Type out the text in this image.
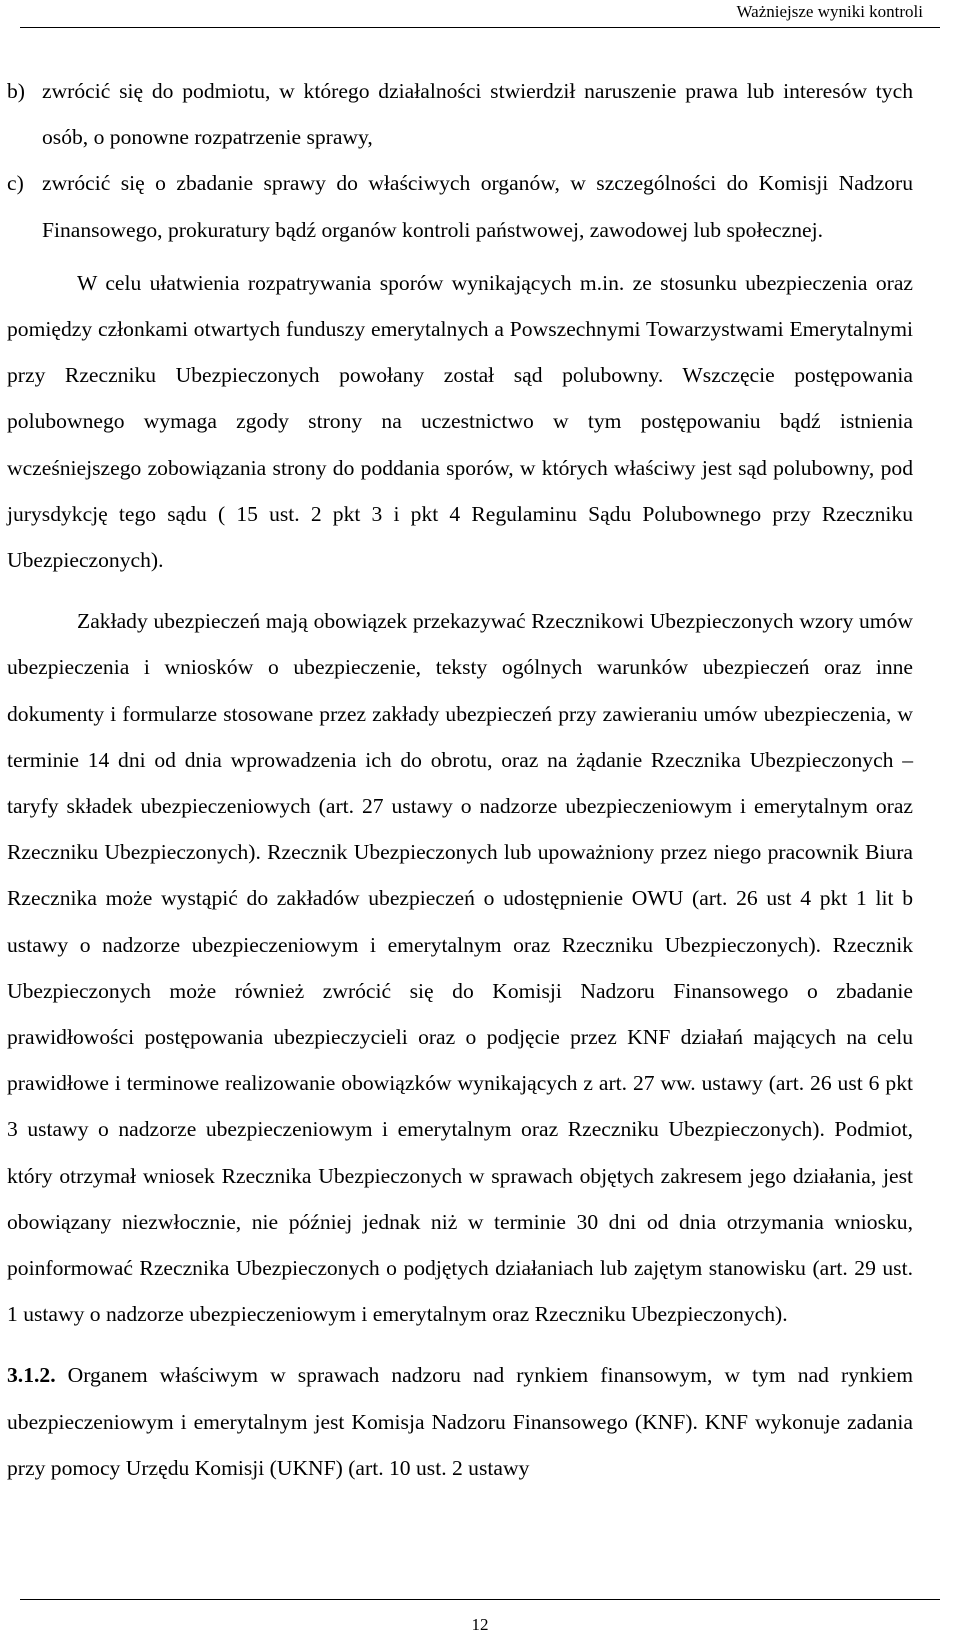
Ważniejsze wyniki kontroli
b) zwrócić się do podmiotu, w którego działalności stwierdził naruszenie prawa lub interesów tych osób, o ponowne rozpatrzenie sprawy,
c) zwrócić się o zbadanie sprawy do właściwych organów, w szczególności do Komisji Nadzoru Finansowego, prokuratury bądź organów kontroli państwowej, zawodowej lub społecznej.

W celu ułatwienia rozpatrywania sporów wynikających m.in. ze stosunku ubezpieczenia oraz pomiędzy członkami otwartych funduszy emerytalnych a Powszechnymi Towarzystwami Emerytalnymi przy Rzeczniku Ubezpieczonych powołany został sąd polubowny. Wszczęcie postępowania polubownego wymaga zgody strony na uczestnictwo w tym postępowaniu bądź istnienia wcześniejszego zobowiązania strony do poddania sporów, w których właściwy jest sąd polubowny, pod jurysdykcję tego sądu ( 15 ust. 2 pkt 3 i pkt 4 Regulaminu Sądu Polubownego przy Rzeczniku Ubezpieczonych).

Zakłady ubezpieczeń mają obowiązek przekazywać Rzecznikowi Ubezpieczonych wzory umów ubezpieczenia i wniosków o ubezpieczenie, teksty ogólnych warunków ubezpieczeń oraz inne dokumenty i formularze stosowane przez zakłady ubezpieczeń przy zawieraniu umów ubezpieczenia, w terminie 14 dni od dnia wprowadzenia ich do obrotu, oraz na żądanie Rzecznika Ubezpieczonych – taryfy składek ubezpieczeniowych (art. 27 ustawy o nadzorze ubezpieczeniowym i emerytalnym oraz Rzeczniku Ubezpieczonych). Rzecznik Ubezpieczonych lub upoważniony przez niego pracownik Biura Rzecznika może wystąpić do zakładów ubezpieczeń o udostępnienie OWU (art. 26 ust 4 pkt 1 lit b ustawy o nadzorze ubezpieczeniowym i emerytalnym oraz Rzeczniku Ubezpieczonych). Rzecznik Ubezpieczonych może również zwrócić się do Komisji Nadzoru Finansowego o zbadanie prawidłowości postępowania ubezpieczycieli oraz o podjęcie przez KNF działań mających na celu prawidłowe i terminowe realizowanie obowiązków wynikających z art. 27 ww. ustawy (art. 26 ust 6 pkt 3 ustawy o nadzorze ubezpieczeniowym i emerytalnym oraz Rzeczniku Ubezpieczonych). Podmiot, który otrzymał wniosek Rzecznika Ubezpieczonych w sprawach objętych zakresem jego działania, jest obowiązany niezwłocznie, nie później jednak niż w terminie 30 dni od dnia otrzymania wniosku, poinformować Rzecznika Ubezpieczonych o podjętych działaniach lub zajętym stanowisku (art. 29 ust. 1 ustawy o nadzorze ubezpieczeniowym i emerytalnym oraz Rzeczniku Ubezpieczonych).

3.1.2. Organem właściwym w sprawach nadzoru nad rynkiem finansowym, w tym nad rynkiem ubezpieczeniowym i emerytalnym jest Komisja Nadzoru Finansowego (KNF). KNF wykonuje zadania przy pomocy Urzędu Komisji (UKNF) (art. 10 ust. 2 ustawy

12
